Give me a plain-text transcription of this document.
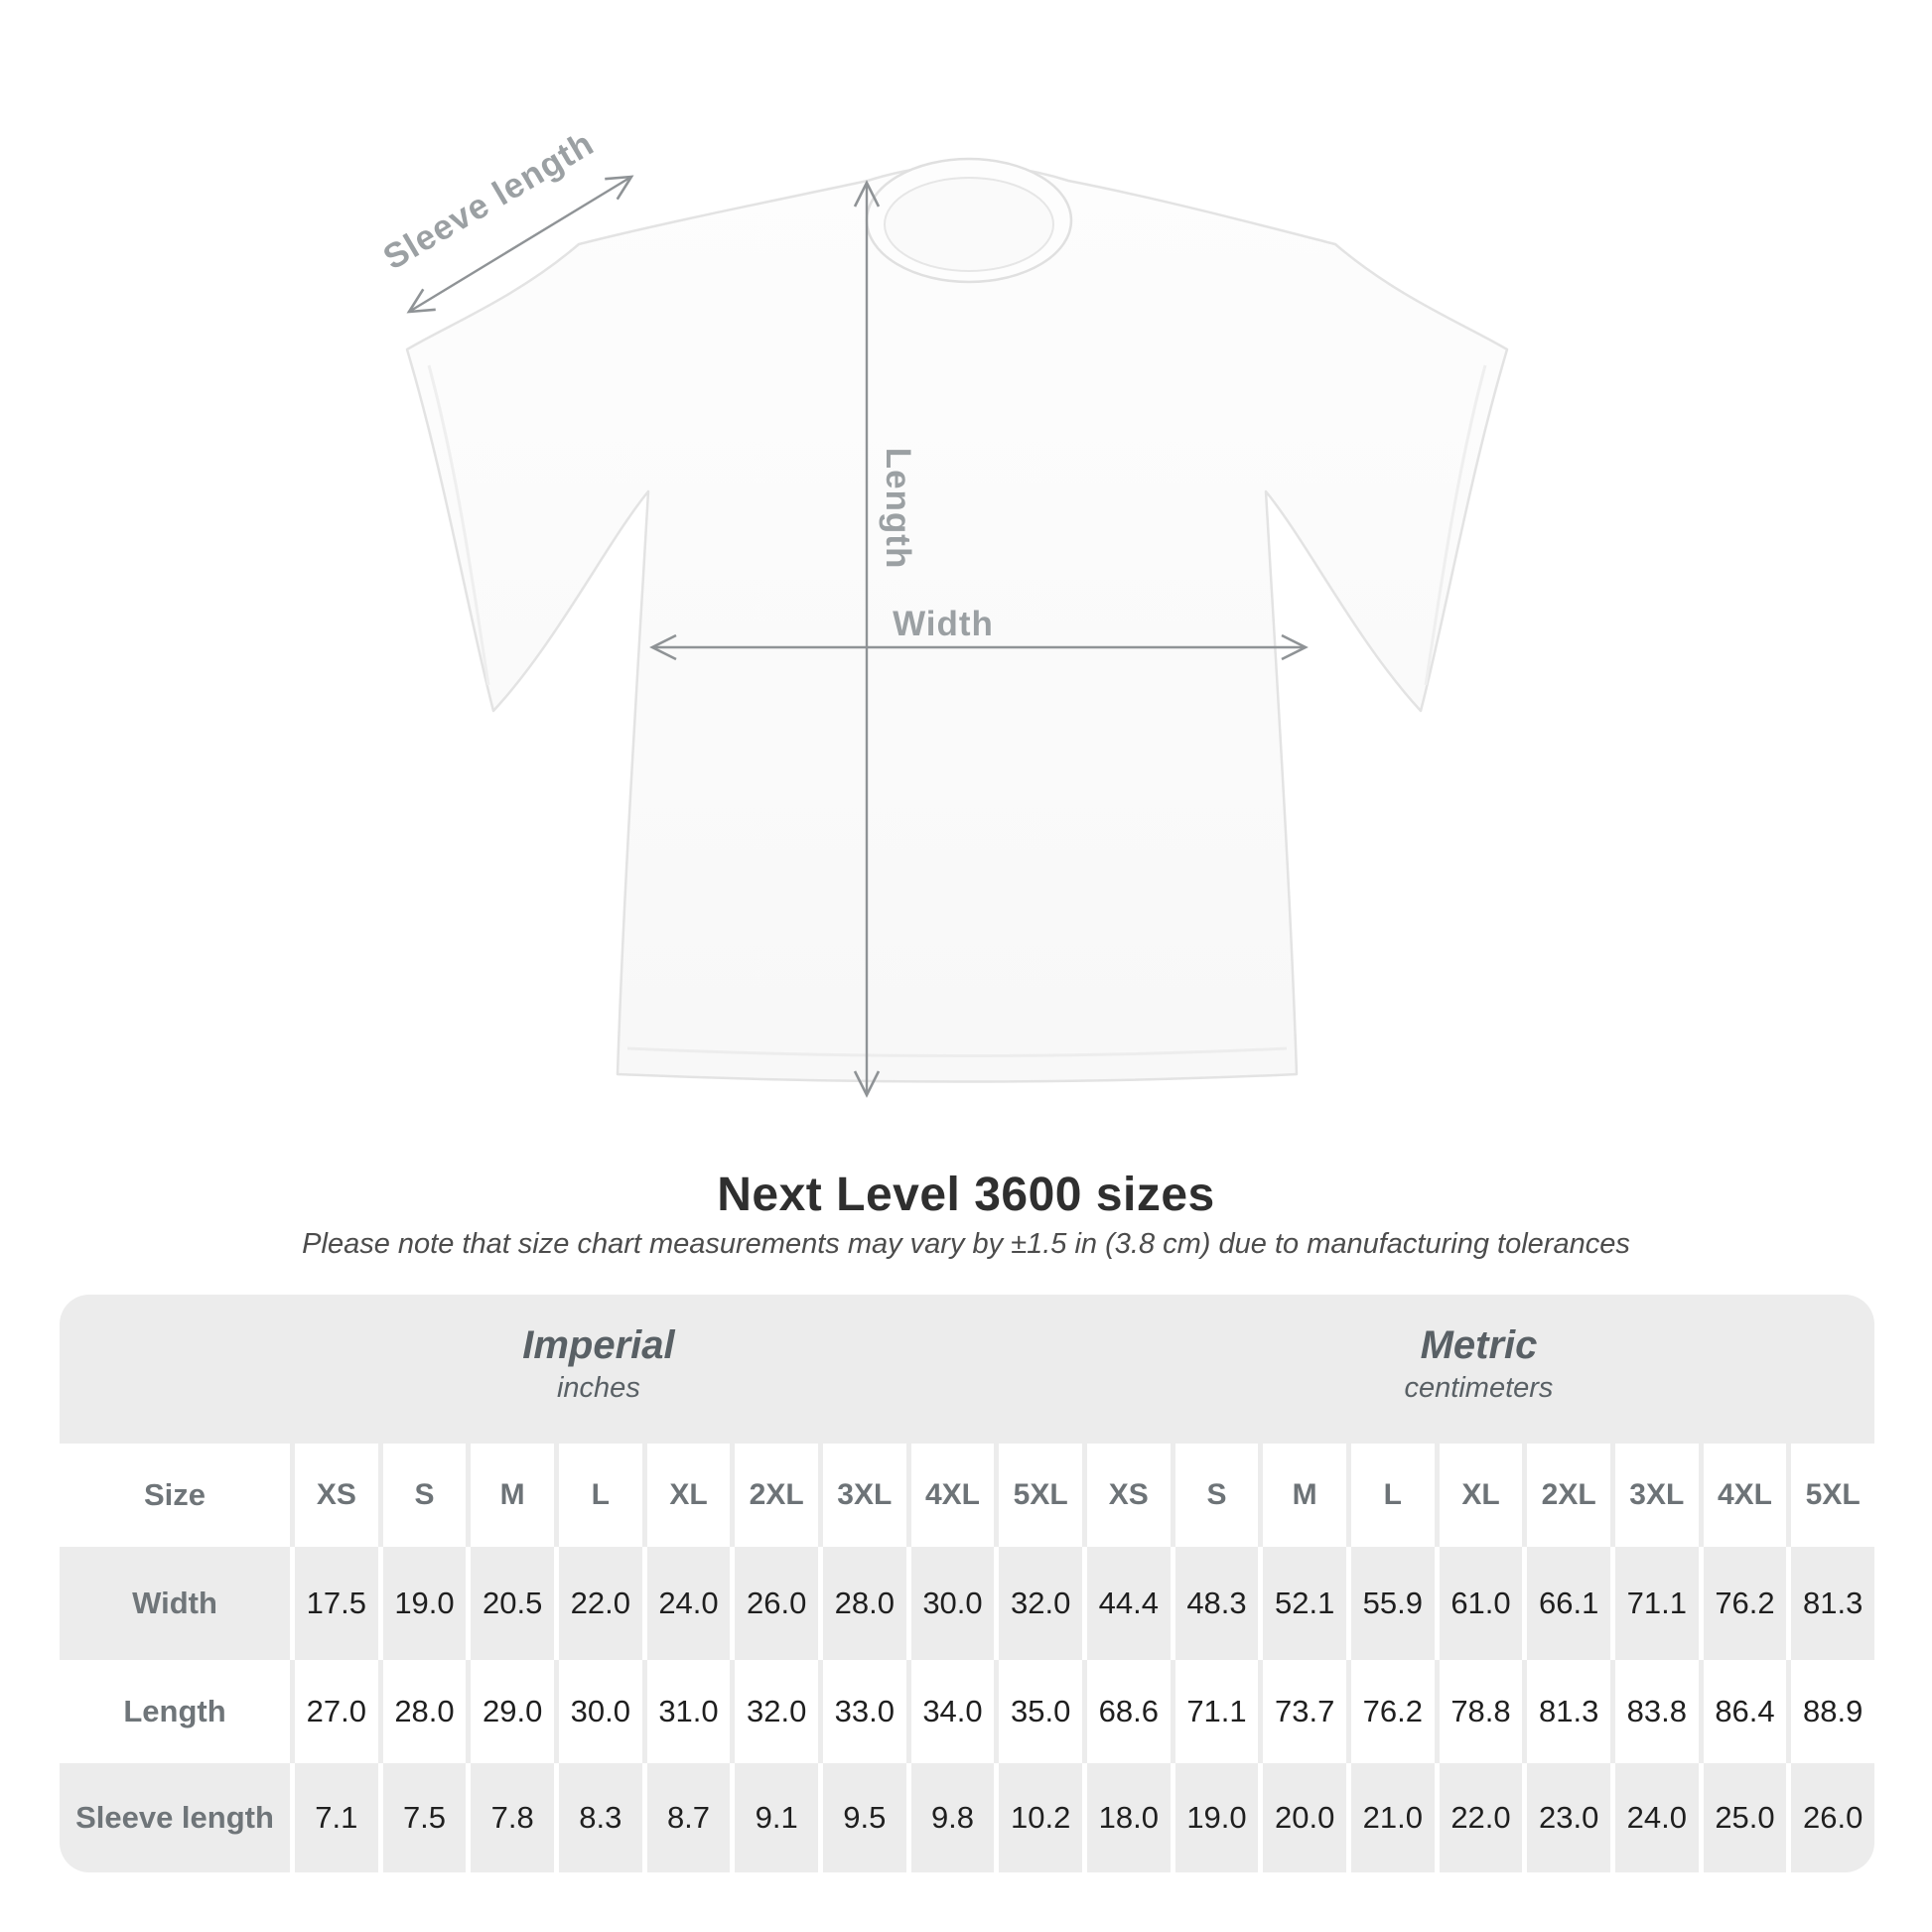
Sleeve length
Length
Width
Next Level 3600 sizes
Please note that size chart measurements may vary by ±1.5 in (3.8 cm) due to manufacturing tolerances
Imperial
inches
Metric
centimeters
Size	XS	S	M	L	XL	2XL	3XL	4XL	5XL	XS	S	M	L	XL	2XL	3XL	4XL	5XL
Width	17.5 19.0 20.5 22.0 24.0 26.0 28.0 30.0 32.0 44.4 48.3 52.1 55.9 61.0 66.1 71.1 76.2 81.3
Length	27.0 28.0 29.0 30.0 31.0 32.0 33.0 34.0 35.0 68.6 71.1 73.7 76.2 78.8 81.3 83.8 86.4 88.9
Sleeve length	7.1	7.5	7.8	8.3	8.7	9.1	9.5	9.8	10.2 18.0 19.0 20.0 21.0 22.0 23.0 24.0 25.0 26.0
